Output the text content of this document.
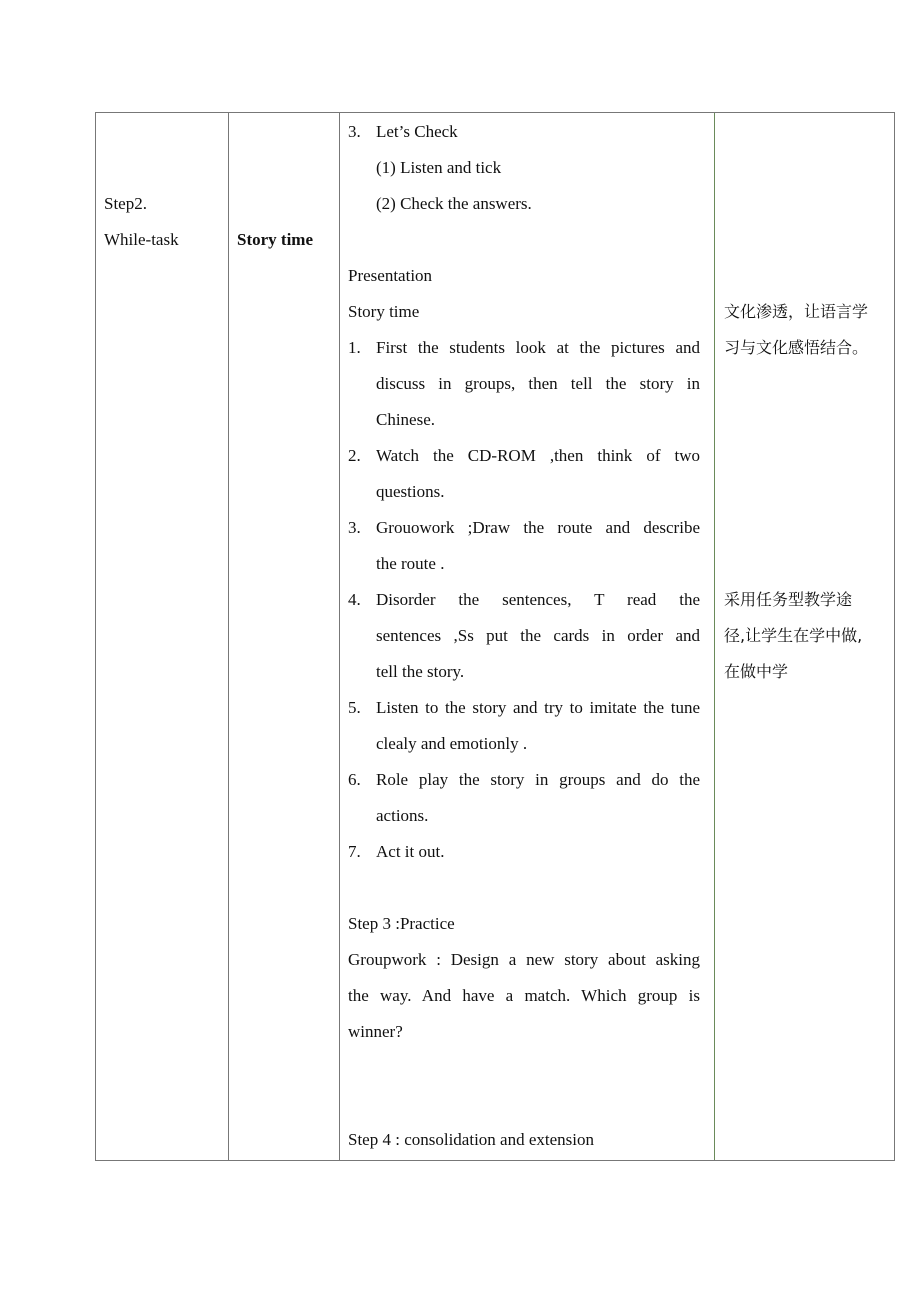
Step2.
While-task	Story time
3. Let’s Check
(1) Listen and tick
(2) Check the answers.
Presentation
Story time
1. First the students look at the pictures and
discuss in groups, then tell the story in
Chinese.
2. Watch the CD-ROM ,then think of two
questions.
3. Grouowork ;Draw the route and describe
the route .
4. Disorder the sentences, T read the
sentences ,Ss put the cards in order and
tell the story.
5. Listen to the story and try to imitate the tune
clealy and emotionly .
6. Role play the story in groups and do the
actions.
7. Act it out.
Step 3 :Practice
Groupwork : Design a new story about asking
the way. And have a match. Which group is
winner?
Step 4 : consolidation and extension
文化渗透，让语言学
习与文化感悟结合。
采用任务型教学途
径,让学生在学中做,
在做中学
